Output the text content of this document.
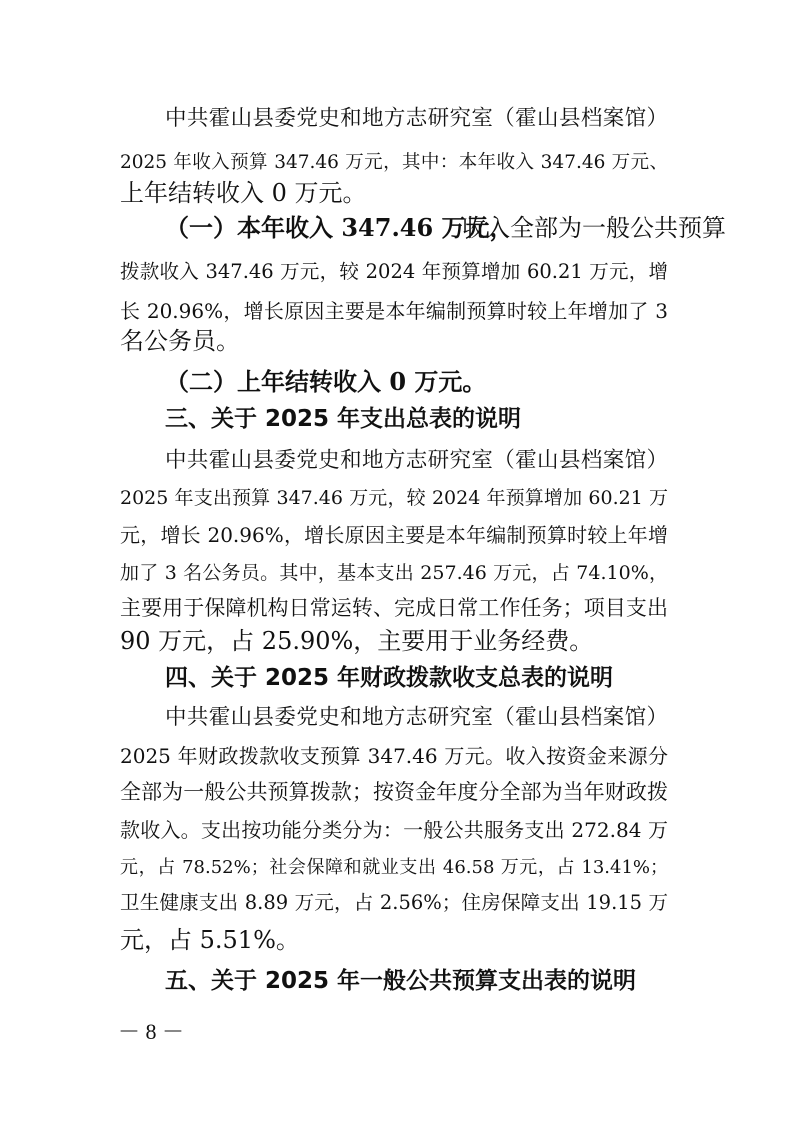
中共霍山县委党史和地方志研究室（霍山县档案馆）
2025 年收入预算 347.46 万元，其中：本年收入 347.46 万元、
上年结转收入 0 万元。
（一）本年收入 347.46 万元，
收入全部为一般公共预算
拨款收入 347.46 万元，较 2024 年预算增加 60.21 万元，增
长 20.96%，增长原因主要是本年编制预算时较上年增加了 3
名公务员。
（二）上年结转收入 0 万元。
三、关于 2025 年支出总表的说明
中共霍山县委党史和地方志研究室（霍山县档案馆）
2025 年支出预算 347.46 万元，较 2024 年预算增加 60.21 万
元，增长 20.96%，增长原因主要是本年编制预算时较上年增
加了 3 名公务员。其中，基本支出 257.46 万元，占 74.10%，
主要用于保障机构日常运转、完成日常工作任务；项目支出
90 万元，占 25.90%，主要用于业务经费。
四、关于 2025 年财政拨款收支总表的说明
中共霍山县委党史和地方志研究室（霍山县档案馆）
2025 年财政拨款收支预算 347.46 万元。收入按资金来源分
全部为一般公共预算拨款；按资金年度分全部为当年财政拨
款收入。支出按功能分类分为：一般公共服务支出 272.84 万
元，占 78.52%；社会保障和就业支出 46.58 万元，占 13.41%；
卫生健康支出 8.89 万元，占 2.56%；住房保障支出 19.15 万
元，占 5.51%。
五、关于 2025 年一般公共预算支出表的说明
－ 8 －
